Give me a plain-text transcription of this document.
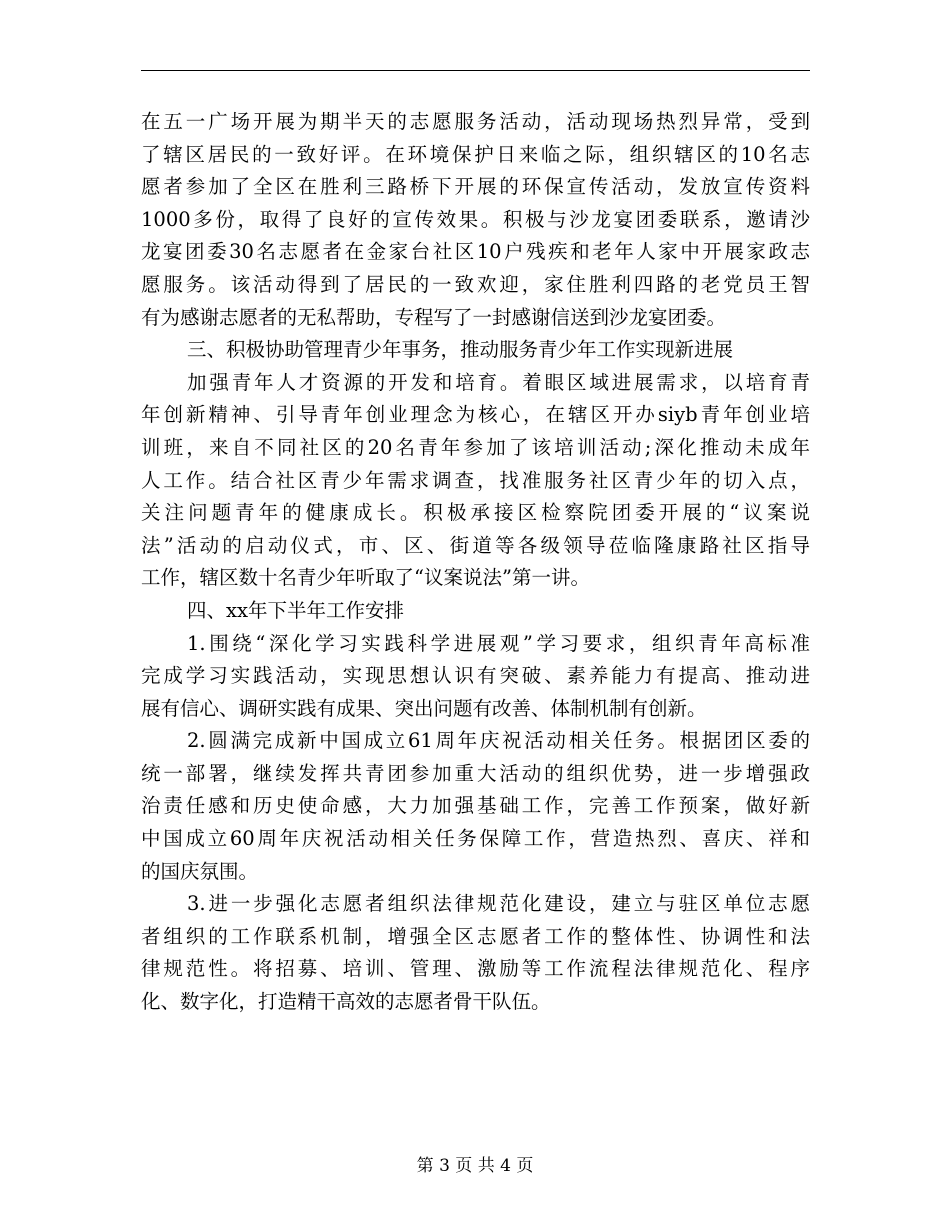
在五一广场开展为期半天的志愿服务活动，活动现场热烈异常，受到
了辖区居民的一致好评。在环境保护日来临之际，组织辖区的10名志
愿者参加了全区在胜利三路桥下开展的环保宣传活动，发放宣传资料
1000多份，取得了良好的宣传效果。积极与沙龙宴团委联系，邀请沙
龙宴团委30名志愿者在金家台社区10户残疾和老年人家中开展家政志
愿服务。该活动得到了居民的一致欢迎，家住胜利四路的老党员王智
有为感谢志愿者的无私帮助，专程写了一封感谢信送到沙龙宴团委。
三、积极协助管理青少年事务，推动服务青少年工作实现新进展
加强青年人才资源的开发和培育。着眼区域进展需求，以培育青
年创新精神、引导青年创业理念为核心，在辖区开办siyb青年创业培
训班，来自不同社区的20名青年参加了该培训活动;深化推动未成年
人工作。结合社区青少年需求调查，找准服务社区青少年的切入点，
关注问题青年的健康成长。积极承接区检察院团委开展的“议案说
法”活动的启动仪式，市、区、街道等各级领导莅临隆康路社区指导
工作，辖区数十名青少年听取了“议案说法”第一讲。
四、xx年下半年工作安排
1.围绕“深化学习实践科学进展观”学习要求，组织青年高标准
完成学习实践活动，实现思想认识有突破、素养能力有提高、推动进
展有信心、调研实践有成果、突出问题有改善、体制机制有创新。
2.圆满完成新中国成立61周年庆祝活动相关任务。根据团区委的
统一部署，继续发挥共青团参加重大活动的组织优势，进一步增强政
治责任感和历史使命感，大力加强基础工作，完善工作预案，做好新
中国成立60周年庆祝活动相关任务保障工作，营造热烈、喜庆、祥和
的国庆氛围。
3.进一步强化志愿者组织法律规范化建设，建立与驻区单位志愿
者组织的工作联系机制，增强全区志愿者工作的整体性、协调性和法
律规范性。将招募、培训、管理、激励等工作流程法律规范化、程序
化、数字化，打造精干高效的志愿者骨干队伍。
第 3 页 共 4 页
